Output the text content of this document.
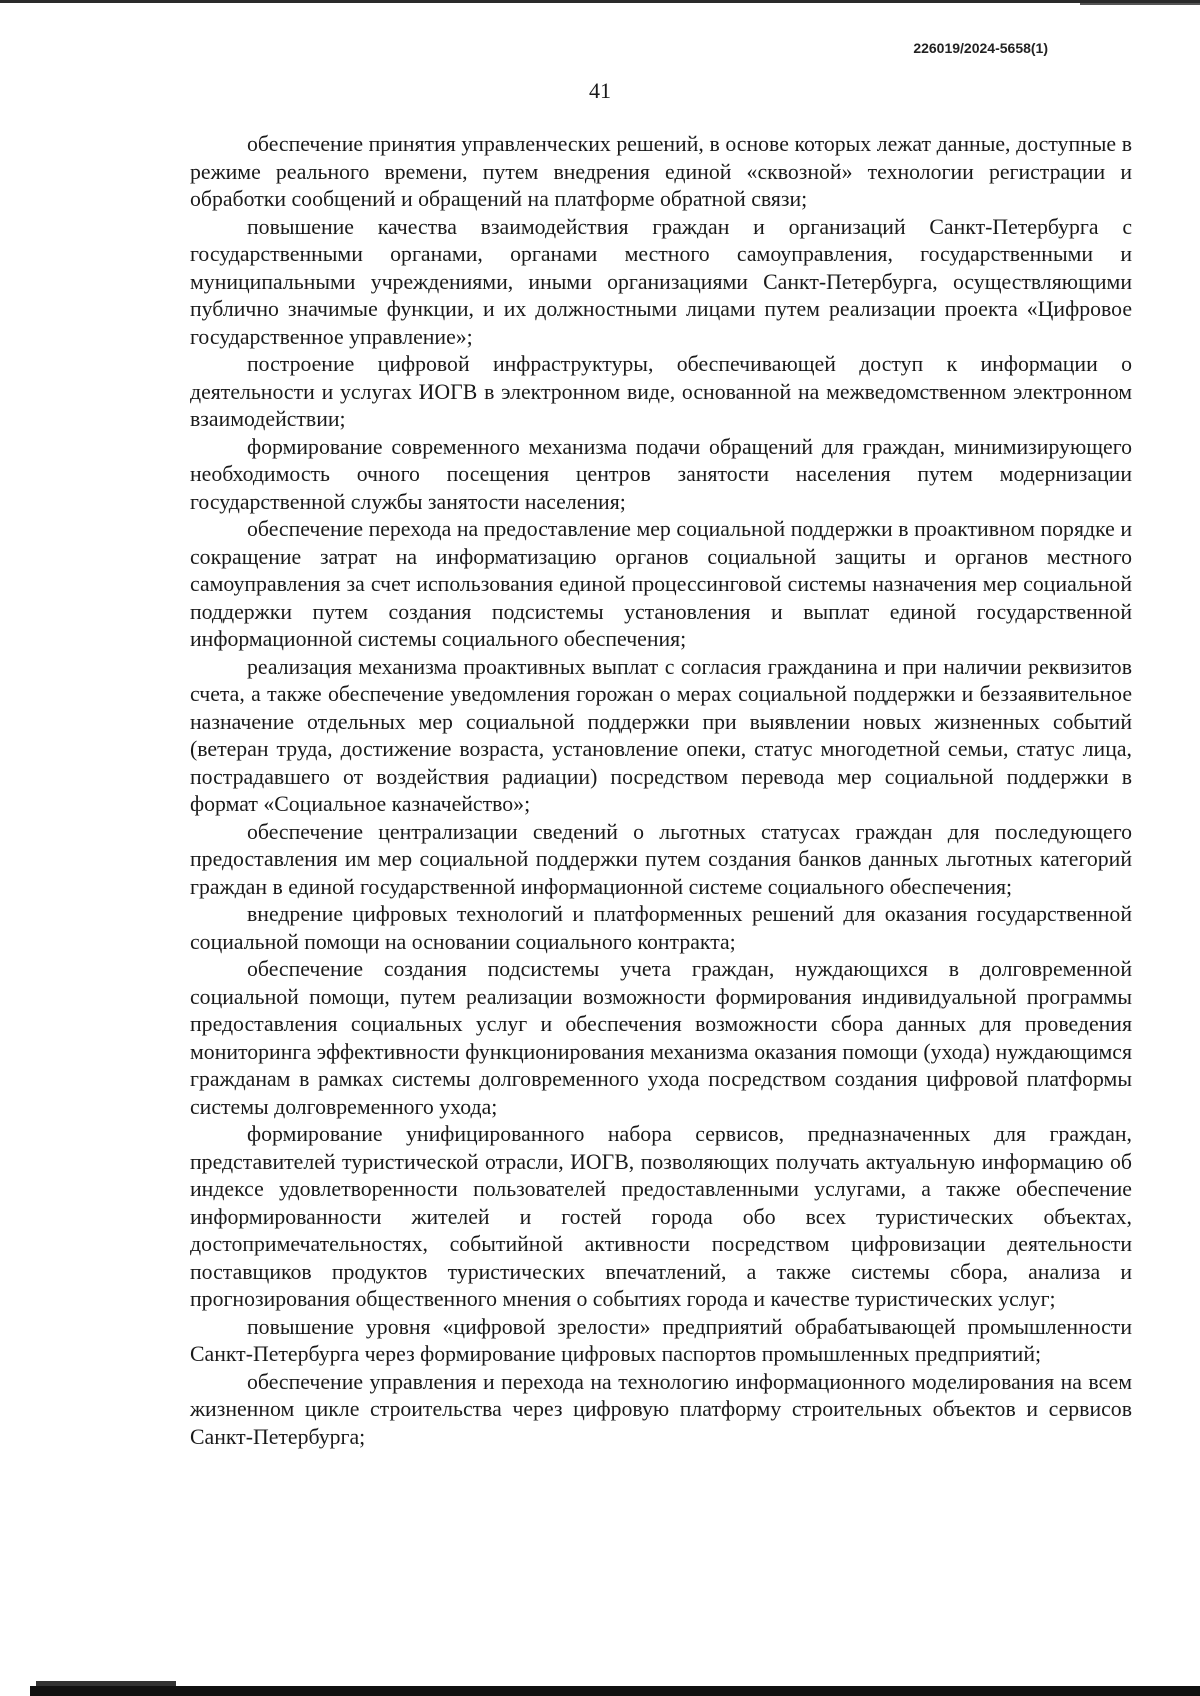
226019/2024-5658(1)
41

обеспечение принятия управленческих решений, в основе которых лежат данные, доступные в режиме реального времени, путем внедрения единой «сквозной» технологии регистрации и обработки сообщений и обращений на платформе обратной связи;

повышение качества взаимодействия граждан и организаций Санкт-Петербурга с государственными органами, органами местного самоуправления, государственными и муниципальными учреждениями, иными организациями Санкт-Петербурга, осуществляющими публично значимые функции, и их должностными лицами путем реализации проекта «Цифровое государственное управление»;

построение цифровой инфраструктуры, обеспечивающей доступ к информации о деятельности и услугах ИОГВ в электронном виде, основанной на межведомственном электронном взаимодействии;

формирование современного механизма подачи обращений для граждан, минимизирующего необходимость очного посещения центров занятости населения путем модернизации государственной службы занятости населения;

обеспечение перехода на предоставление мер социальной поддержки в проактивном порядке и сокращение затрат на информатизацию органов социальной защиты и органов местного самоуправления за счет использования единой процессинговой системы назначения мер социальной поддержки путем создания подсистемы установления и выплат единой государственной информационной системы социального обеспечения;

реализация механизма проактивных выплат с согласия гражданина и при наличии реквизитов счета, а также обеспечение уведомления горожан о мерах социальной поддержки и беззаявительное назначение отдельных мер социальной поддержки при выявлении новых жизненных событий (ветеран труда, достижение возраста, установление опеки, статус многодетной семьи, статус лица, пострадавшего от воздействия радиации) посредством перевода мер социальной поддержки в формат «Социальное казначейство»;

обеспечение централизации сведений о льготных статусах граждан для последующего предоставления им мер социальной поддержки путем создания банков данных льготных категорий граждан в единой государственной информационной системе социального обеспечения;

внедрение цифровых технологий и платформенных решений для оказания государственной социальной помощи на основании социального контракта;

обеспечение создания подсистемы учета граждан, нуждающихся в долговременной социальной помощи, путем реализации возможности формирования индивидуальной программы предоставления социальных услуг и обеспечения возможности сбора данных для проведения мониторинга эффективности функционирования механизма оказания помощи (ухода) нуждающимся гражданам в рамках системы долговременного ухода посредством создания цифровой платформы системы долговременного ухода;

формирование унифицированного набора сервисов, предназначенных для граждан, представителей туристической отрасли, ИОГВ, позволяющих получать актуальную информацию об индексе удовлетворенности пользователей предоставленными услугами, а также обеспечение информированности жителей и гостей города обо всех туристических объектах, достопримечательностях, событийной активности посредством цифровизации деятельности поставщиков продуктов туристических впечатлений, а также системы сбора, анализа и прогнозирования общественного мнения о событиях города и качестве туристических услуг;

повышение уровня «цифровой зрелости» предприятий обрабатывающей промышленности Санкт-Петербурга через формирование цифровых паспортов промышленных предприятий;

обеспечение управления и перехода на технологию информационного моделирования на всем жизненном цикле строительства через цифровую платформу строительных объектов и сервисов Санкт-Петербурга;
